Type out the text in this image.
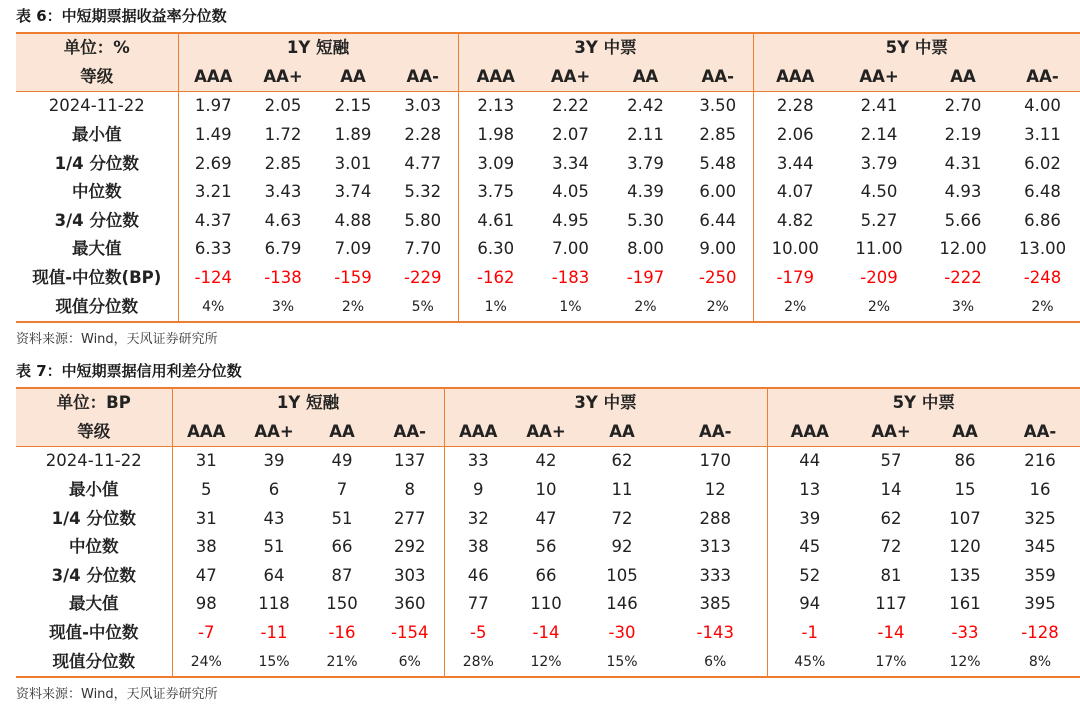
表 6：中短期票据收益率分位数
单位：%	1Y 短融				3Y 中票				5Y 中票			
等级	AAA	AA+	AA	AA-	AAA	AA+	AA	AA-	AAA	AA+	AA	AA-
2024-11-22	1.97	2.05	2.15	3.03	2.13	2.22	2.42	3.50	2.28	2.41	2.70	4.00
最小值	1.49	1.72	1.89	2.28	1.98	2.07	2.11	2.85	2.06	2.14	2.19	3.11
1/4 分位数	2.69	2.85	3.01	4.77	3.09	3.34	3.79	5.48	3.44	3.79	4.31	6.02
中位数	3.21	3.43	3.74	5.32	3.75	4.05	4.39	6.00	4.07	4.50	4.93	6.48
3/4 分位数	4.37	4.63	4.88	5.80	4.61	4.95	5.30	6.44	4.82	5.27	5.66	6.86
最大值	6.33	6.79	7.09	7.70	6.30	7.00	8.00	9.00	10.00	11.00	12.00	13.00
现值-中位数(BP)	-124	-138	-159	-229	-162	-183	-197	-250	-179	-209	-222	-248
现值分位数	4%	3%	2%	5%	1%	1%	2%	2%	2%	2%	3%	2%
资料来源：Wind，天风证券研究所
表 7：中短期票据信用利差分位数
单位：BP	1Y 短融				3Y 中票				5Y 中票			
等级	AAA	AA+	AA	AA-	AAA	AA+	AA	AA-	AAA	AA+	AA	AA-
2024-11-22	31	39	49	137	33	42	62	170	44	57	86	216
最小值	5	6	7	8	9	10	11	12	13	14	15	16
1/4 分位数	31	43	51	277	32	47	72	288	39	62	107	325
中位数	38	51	66	292	38	56	92	313	45	72	120	345
3/4 分位数	47	64	87	303	46	66	105	333	52	81	135	359
最大值	98	118	150	360	77	110	146	385	94	117	161	395
现值-中位数	-7	-11	-16	-154	-5	-14	-30	-143	-1	-14	-33	-128
现值分位数	24%	15%	21%	6%	28%	12%	15%	6%	45%	17%	12%	8%
资料来源：Wind，天风证券研究所
